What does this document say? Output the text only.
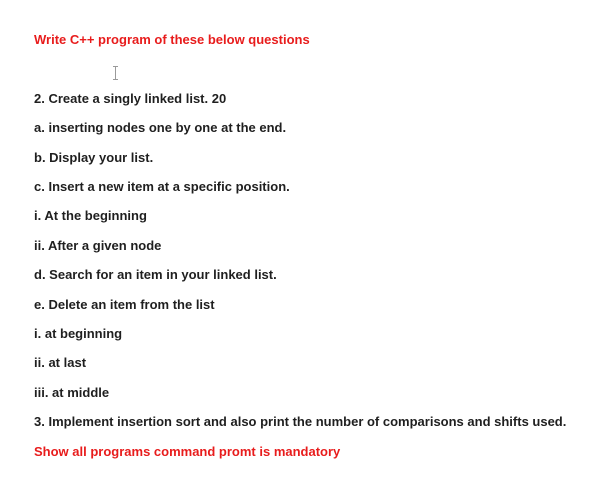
Write C++ program of these below questions
2. Create a singly linked list. 20
a. inserting nodes one by one at the end.
b. Display your list.
c. Insert a new item at a specific position.
i. At the beginning
ii. After a given node
d. Search for an item in your linked list.
e. Delete an item from the list
i. at beginning
ii. at last
iii. at middle
3. Implement insertion sort and also print the number of comparisons and shifts used.
Show all programs command promt is mandatory
